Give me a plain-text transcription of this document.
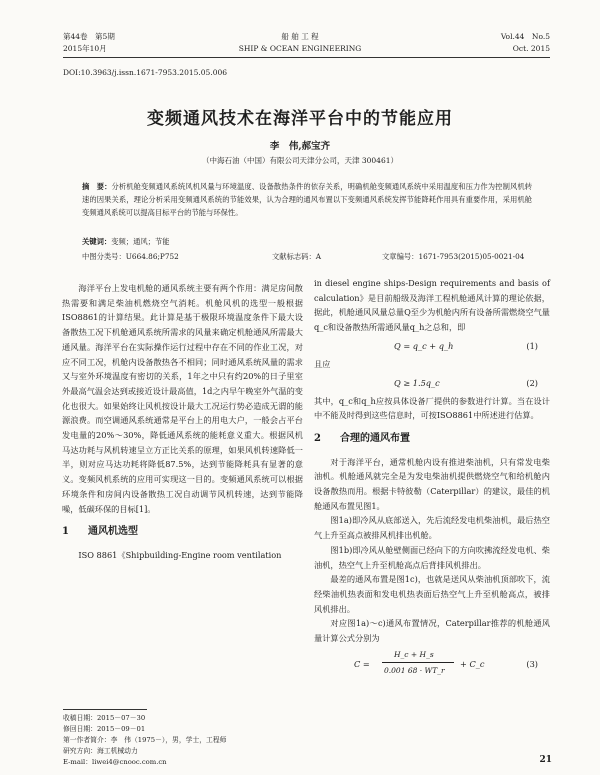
第44卷　第5期
2015年10月
船 舶 工 程
SHIP & OCEAN ENGINEERING
Vol.44　No.5
Oct. 2015
DOI:10.3963/j.issn.1671-7953.2015.05.006
变频通风技术在海洋平台中的节能应用
李　伟,郝宝齐
（中海石油（中国）有限公司天津分公司，天津 300461）
摘　要：分析机舱变频通风系统风机风量与环境温度、设备散热条件的依存关系，明确机舱变频通风系统中采用温度和压力作为控制风机转速的因果关系，理论分析采用变频通风系统的节能效果，认为合理的通风布置以下变频通风系统发挥节能降耗作用具有重要作用，采用机舱变频通风系统可以提高目标平台的节能与环保性。
关键词：变频；通风；节能
中图分类号：U664.86;P752	文献标志码：A	文章编号：1671-7953(2015)05-0021-04

海洋平台上发电机舱的通风系统主要有两个作用：满足房间散热需要和满足柴油机燃烧空气消耗。机舱风机的选型一般根据ISO8861的计算结果。此计算是基于极限环境温度条件下最大设备散热工况下机舱通风系统所需求的风量来确定机舱通风所需最大通风量。海洋平台在实际操作运行过程中存在不同的作业工况，对应不同工况，机舱内设备散热各不相同；同时通风系统风量的需求又与室外环境温度有密切的关系，1年之中只有约20%的日子里室外最高气温会达到或接近设计最高值，1d之内早午晚室外气温的变化也很大。如果始终让风机按设计最大工况运行势必造成无谓的能源浪费。而空调通风系统通常是平台上的用电大户，一般会占平台发电量的20%～30%，降低通风系统的能耗意义重大。根据风机马达功耗与风机转速呈立方正比关系的原理，如果风机转速降低一半，则对应马达功耗将降低87.5%，达到节能降耗具有显著的意义。变频风机系统的应用可实现这一目的。变频通风系统可以根据环境条件和房间内设备散热工况自动调节风机转速，达到节能降噪，低碳环保的目标[1]。

1 通风机选型

ISO 8861《Shipbuilding-Engine room ventilation

in diesel engine ships-Design requirements and basis of calculation》是目前船级及海洋工程机舱通风计算的理论依据，据此，机舱通风风量总量Q至少为机舱内所有设备所需燃烧空气量q_c和设备散热所需通风量q_h之总和，即

Q = q_c + q_h	(1)

且应

Q ≥ 1.5q_c	(2)

其中，q_c和q_h应按具体设备厂提供的参数进行计算。当在设计中不能及时得到这些信息时，可按ISO8861中所述进行估算。

2 合理的通风布置

对于海洋平台，通常机舱内设有推进柴油机，只有常发电柴油机。机舱通风就完全是为发电柴油机提供燃烧空气和给机舱内设备散热而用。根据卡特彼勒（Caterpillar）的建议，最佳的机舱通风布置见图1。

图1a)即冷风从底部送入，先后流经发电机柴油机，最后热空气上升至高点被排风机排出机舱。

图1b)即冷风从舱壁侧面已经向下的方向吹拂流经发电机、柴油机，热空气上升至机舱高点后背排风机排出。

最差的通风布置是图1c)，也就是送风从柴油机顶部吹下，流经柴油机热表面和发电机热表面后热空气上升至机舱高点，被排风机排出。

对应图1a)～c)通风布置情况，Caterpillar推荐的机舱通风量计算公式分别为

C =
H_c + H_s
0.001 68 · WT_r
+ C_c	(3)
收稿日期：2015－07－30
修回日期：2015－09－01
第一作者简介：李　伟（1975－），男，学士，工程师
研究方向：海工机械动力
E-mail：liwei4@cnooc.com.cn	21
